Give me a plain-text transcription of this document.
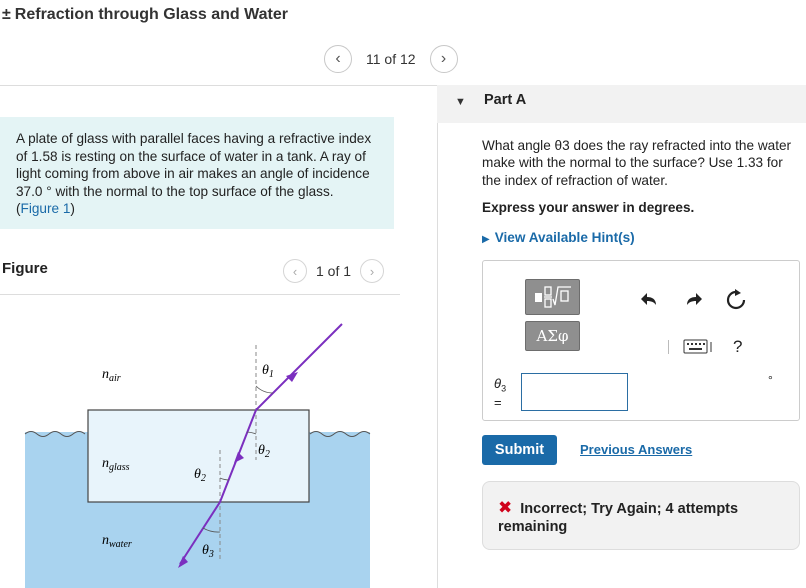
± Refraction through Glass and Water
‹	11 of 12	›
A plate of glass with parallel faces having a refractive index of 1.58 is resting on the surface of water in a tank. A ray of light coming from above in air makes an angle of incidence 37.0 ° with the normal to the top surface of the glass. (Figure 1)
Figure	‹	1 of 1	›
$n_{air}$
$n_{glass}$
$n_{water}$
$\theta_1$
$\theta_2$
$\theta_2$
$\theta_3$
▼ Part A
What angle θ3 does the ray refracted into the water make with the normal to the surface? Use 1.33 for the index of refraction of water.
Express your answer in degrees.
▶ View Available Hint(s)
ΑΣφ
?
$\theta_3$
=
°
Submit	Previous Answers
✖ Incorrect; Try Again; 4 attempts remaining
